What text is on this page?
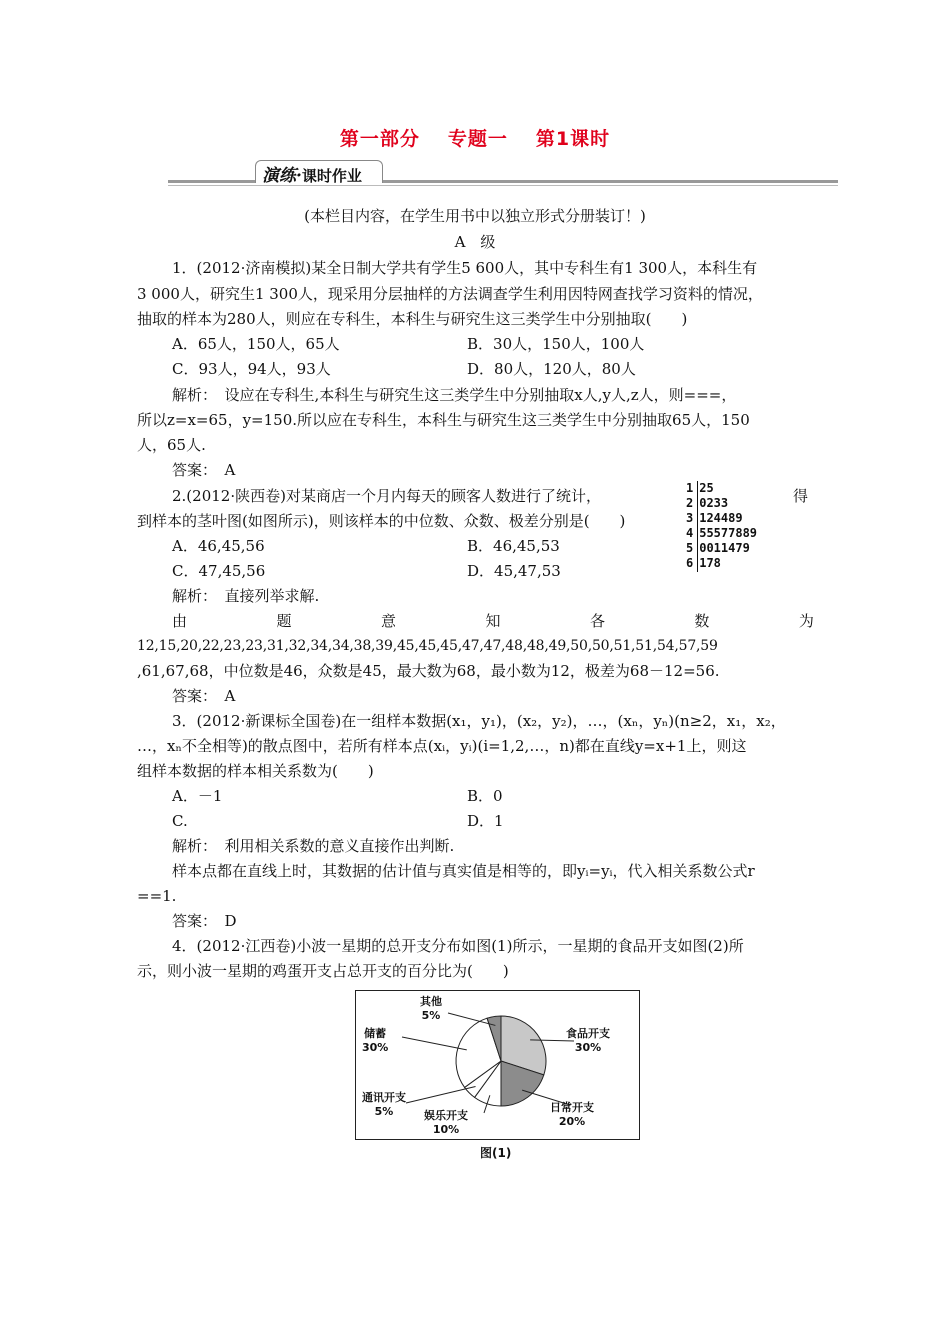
第一部分 专题一 第1课时
演练·课时作业
(本栏目内容，在学生用书中以独立形式分册装订！)
A　级
1．(2012·济南模拟)某全日制大学共有学生5 600人，其中专科生有1 300人，本科生有
3 000人，研究生1 300人，现采用分层抽样的方法调查学生利用因特网查找学习资料的情况，
抽取的样本为280人，则应在专科生，本科生与研究生这三类学生中分别抽取(　　)
A．65人，150人，65人	B．30人，150人，100人
C．93人，94人，93人	D．80人，120人，80人
解析：　设应在专科生,本科生与研究生这三类学生中分别抽取x人,y人,z人，则===，
所以z=x=65，y=150.所以应在专科生，本科生与研究生这三类学生中分别抽取65人，150
人，65人.
答案：　A
2.(2012·陕西卷)对某商店一个月内每天的顾客人数进行了统计，	得
到样本的茎叶图(如图所示)，则该样本的中位数、众数、极差分别是(　　)
A．46,45,56	B．46,45,53
C．47,45,56	D．45,47,53
1 25
2 0233
3 124489
4 55577889
5 0011479
6 178
解析：　直接列举求解.
由	题	意	知	各	数	为
12,15,20,22,23,23,31,32,34,34,38,39,45,45,45,47,47,48,48,49,50,50,51,51,54,57,59
,61,67,68，中位数是46，众数是45，最大数为68，最小数为12，极差为68－12=56.
答案：　A
3．(2012·新课标全国卷)在一组样本数据(x₁，y₁)，(x₂，y₂)，…，(xₙ，yₙ)(n≥2，x₁，x₂，
…，xₙ不全相等)的散点图中，若所有样本点(xᵢ，yᵢ)(i=1,2,…，n)都在直线y=x+1上，则这
组样本数据的样本相关系数为(　　)
A．－1	B．0
C.	D．1
解析：　利用相关系数的意义直接作出判断.
样本点都在直线上时，其数据的估计值与真实值是相等的，即yᵢ=yᵢ，代入相关系数公式r
==1.
答案：　D
4．(2012·江西卷)小波一星期的总开支分布如图(1)所示，一星期的食品开支如图(2)所
示，则小波一星期的鸡蛋开支占总开支的百分比为(　　)
其他
5%
储蓄
30%
食品开支
30%
通讯开支
5%	娱乐开支
10%
日常开支
20%
图(1)
